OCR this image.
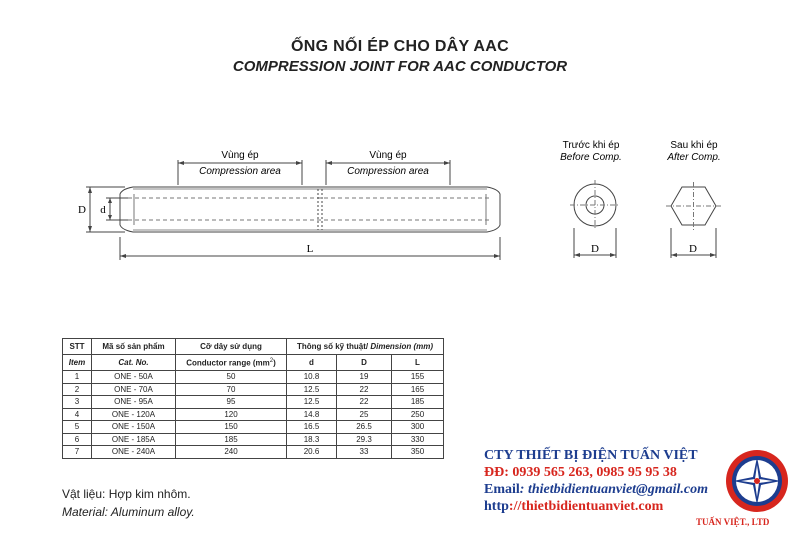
ỐNG NỐI ÉP CHO DÂY AAC
COMPRESSION JOINT FOR AAC CONDUCTOR
Vùng ép
Compression area
Vùng ép
Compression area
D d
L
Trước khi ép
Before Comp.
Sau khi ép
After Comp.
D	D
STT	Mã số sản phẩm	Cỡ dây sử dụng	Thông số kỹ thuật/ Dimension (mm)		
Item	Cat. No.	Conductor range $(mm^2)$	d	D	L
1	ONE - 50A	50	10.8	19	155
2	ONE - 70A	70	12.5	22	165
3	ONE - 95A	95	12.5	22	185
4	ONE - 120A	120	14.8	25	250
5	ONE - 150A	150	16.5	26.5	300
6	ONE - 185A	185	18.3	29.3	330
7	ONE - 240A	240	20.6	33	350
Vật liệu: Hợp kim nhôm.
Material: Aluminum alloy.
CTY THIẾT BỊ ĐIỆN TUẤN VIỆT
ĐĐ: 0939 565 263, 0985 95 95 38
Email: thietbidientuanviet@gmail.com
http://thietbidientuanviet.com
TUẤN VIỆT., LTD
